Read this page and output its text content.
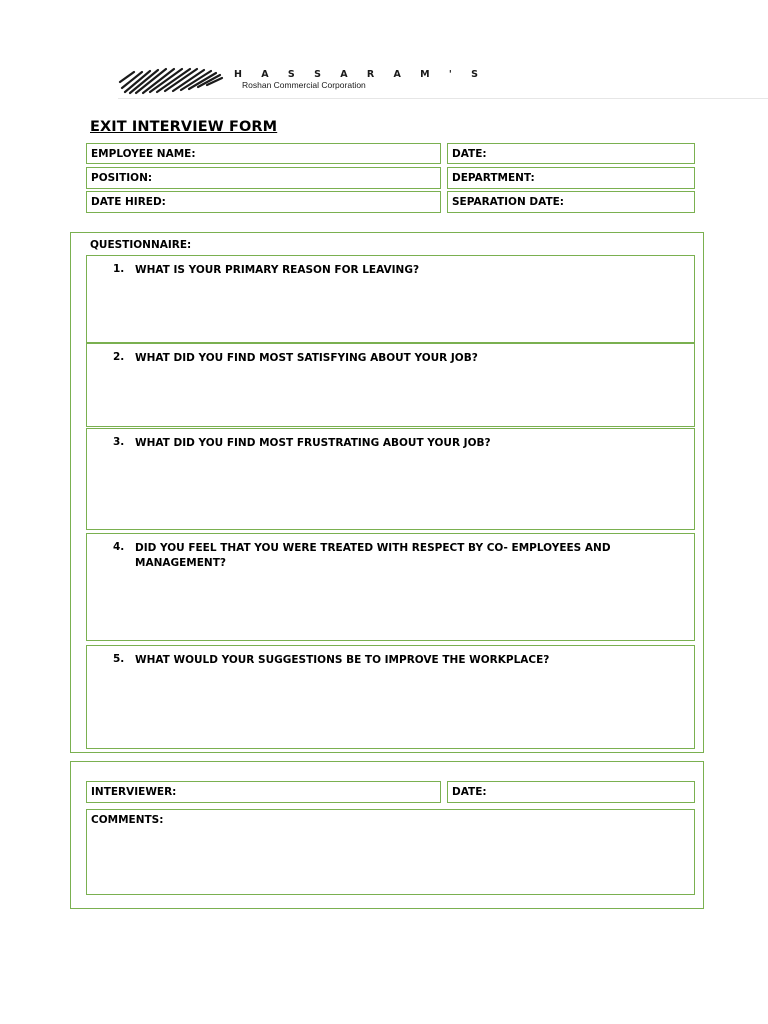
H A S S A R A M ' S
Roshan Commercial Corporation
EXIT INTERVIEW FORM
EMPLOYEE NAME:	DATE:
POSITION:	DEPARTMENT:
DATE HIRED:	SEPARATION DATE:
QUESTIONNAIRE:
1. WHAT IS YOUR PRIMARY REASON FOR LEAVING?
2. WHAT DID YOU FIND MOST SATISFYING ABOUT YOUR JOB?
3. WHAT DID YOU FIND MOST FRUSTRATING ABOUT YOUR JOB?
4. DID YOU FEEL THAT YOU WERE TREATED WITH RESPECT BY CO- EMPLOYEES AND MANAGEMENT?
5. WHAT WOULD YOUR SUGGESTIONS BE TO IMPROVE THE WORKPLACE?
INTERVIEWER:	DATE:
COMMENTS:
